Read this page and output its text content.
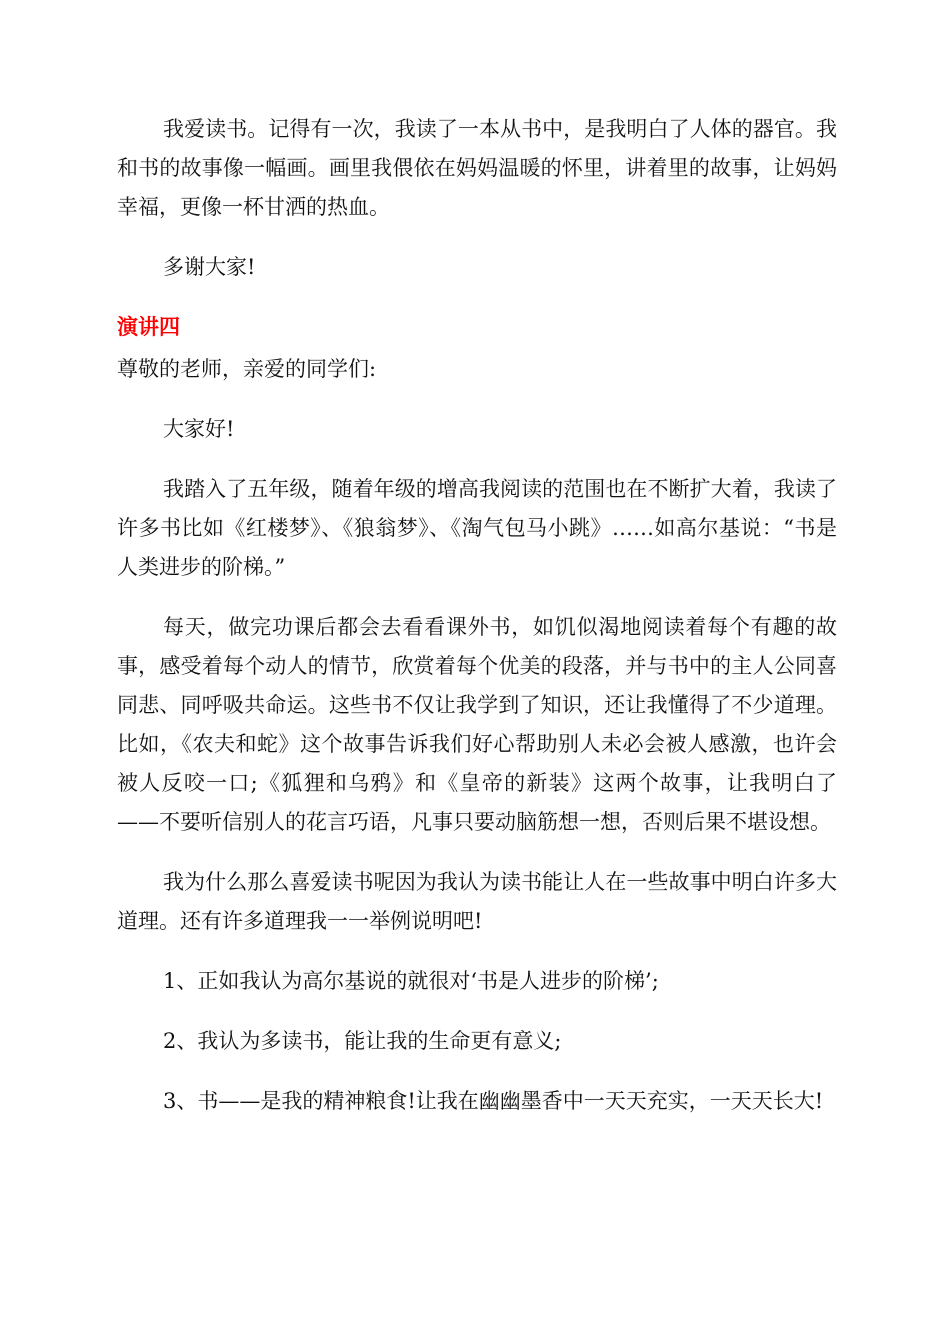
我爱读书。记得有一次，我读了一本从书中，是我明白了人体的器官。我和书的故事像一幅画。画里我偎依在妈妈温暖的怀里，讲着里的故事，让妈妈幸福，更像一杯甘洒的热血。

多谢大家!

演讲四

尊敬的老师，亲爱的同学们:

大家好!

我踏入了五年级，随着年级的增高我阅读的范围也在不断扩大着，我读了许多书比如《红楼梦》、《狼翁梦》、《淘气包马小跳》……如高尔基说：“书是人类进步的阶梯。”

每天，做完功课后都会去看看课外书，如饥似渴地阅读着每个有趣的故事，感受着每个动人的情节，欣赏着每个优美的段落，并与书中的主人公同喜同悲、同呼吸共命运。这些书不仅让我学到了知识，还让我懂得了不少道理。比如，《农夫和蛇》这个故事告诉我们好心帮助别人未必会被人感激，也许会被人反咬一口;《狐狸和乌鸦》和《皇帝的新装》这两个故事，让我明白了——不要听信别人的花言巧语，凡事只要动脑筋想一想，否则后果不堪设想。

我为什么那么喜爱读书呢因为我认为读书能让人在一些故事中明白许多大道理。还有许多道理我一一举例说明吧!

1、正如我认为高尔基说的就很对‘书是人进步的阶梯’;

2、我认为多读书，能让我的生命更有意义;

3、书——是我的精神粮食!让我在幽幽墨香中一天天充实，一天天长大!
